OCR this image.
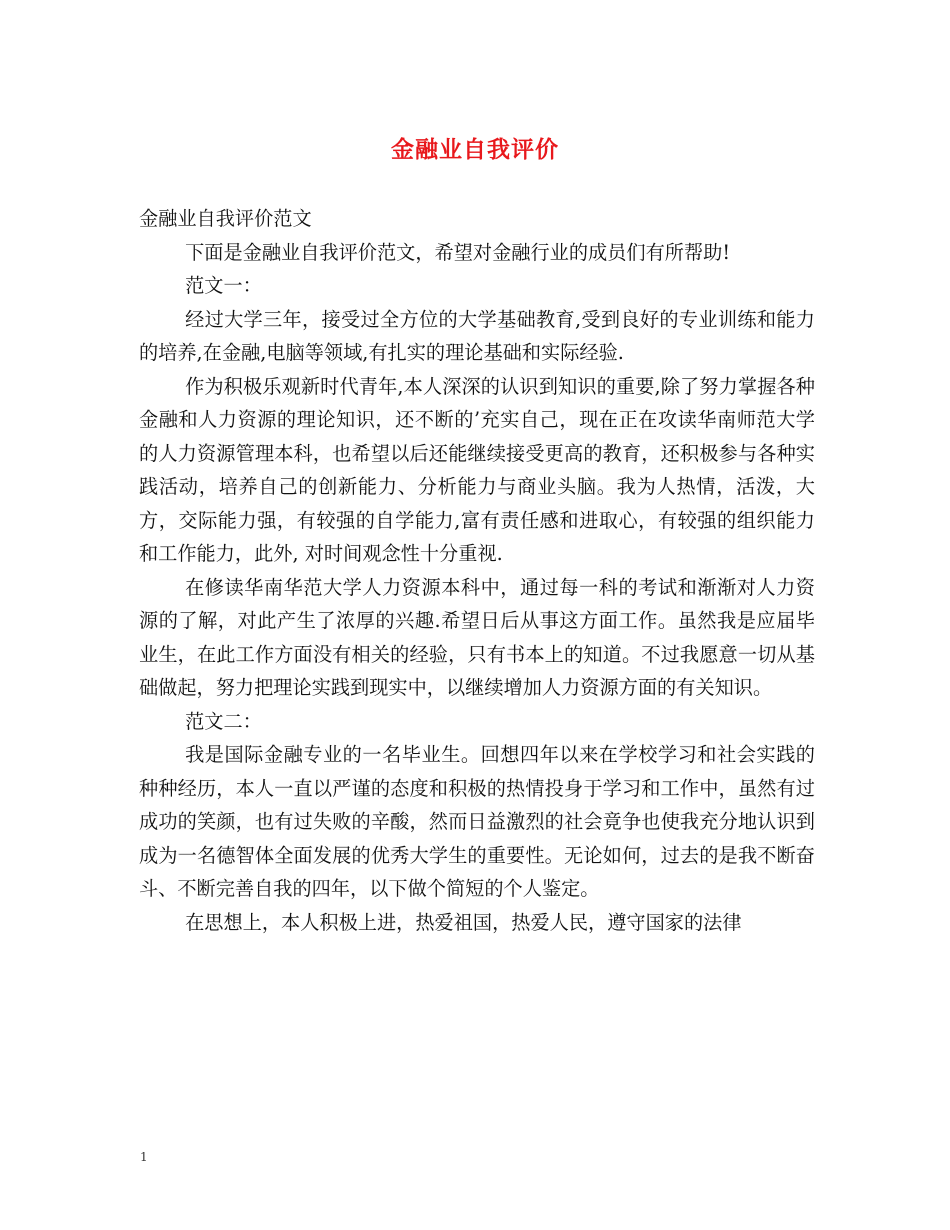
金融业自我评价

金融业自我评价范文

下面是金融业自我评价范文，希望对金融行业的成员们有所帮助!

范文一：

经过大学三年，接受过全方位的大学基础教育,受到良好的专业训练和能力的培养,在金融,电脑等领域,有扎实的理论基础和实际经验.

作为积极乐观新时代青年,本人深深的认识到知识的重要,除了努力掌握各种金融和人力资源的理论知识，还不断的’充实自己，现在正在攻读华南师范大学的人力资源管理本科，也希望以后还能继续接受更高的教育，还积极参与各种实践活动，培养自己的创新能力、分析能力与商业头脑。我为人热情，活泼，大方，交际能力强，有较强的自学能力,富有责任感和进取心，有较强的组织能力和工作能力，此外, 对时间观念性十分重视.

在修读华南华范大学人力资源本科中，通过每一科的考试和渐渐对人力资源的了解，对此产生了浓厚的兴趣.希望日后从事这方面工作。虽然我是应届毕业生，在此工作方面没有相关的经验，只有书本上的知道。不过我愿意一切从基础做起，努力把理论实践到现实中，以继续增加人力资源方面的有关知识。

范文二：

我是国际金融专业的一名毕业生。回想四年以来在学校学习和社会实践的种种经历，本人一直以严谨的态度和积极的热情投身于学习和工作中，虽然有过成功的笑颜，也有过失败的辛酸，然而日益激烈的社会竟争也使我充分地认识到成为一名德智体全面发展的优秀大学生的重要性。无论如何，过去的是我不断奋斗、不断完善自我的四年，以下做个简短的个人鉴定。

在思想上，本人积极上进，热爱祖国，热爱人民，遵守国家的法律

1
